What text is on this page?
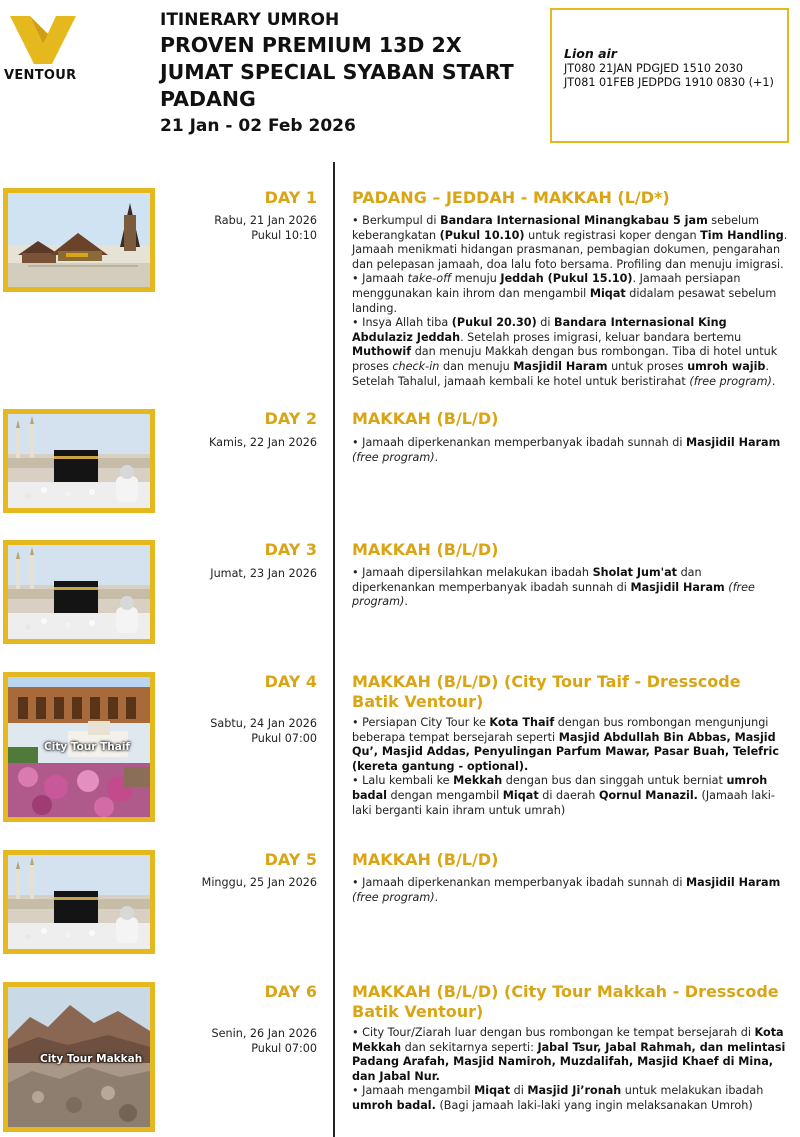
VENTOUR
ITINERARY UMROH
PROVEN PREMIUM 13D 2X
JUMAT SPECIAL SYABAN START
PADANG
21 Jan - 02 Feb 2026
Lion air
JT080 21JAN PDGJED 1510 2030
JT081 01FEB JEDPDG 1910 0830 (+1)
DAY 1
Rabu, 21 Jan 2026
Pukul 10:10
PADANG – JEDDAH - MAKKAH (L/D*)

• Berkumpul di Bandara Internasional Minangkabau 5 jam sebelum keberangkatan (Pukul 10.10) untuk registrasi koper dengan Tim Handling. Jamaah menikmati hidangan prasmanan, pembagian dokumen, pengarahan dan pelepasan jamaah, doa lalu foto bersama. Profiling dan menuju imigrasi.

• Jamaah take-off menuju Jeddah (Pukul 15.10). Jamaah persiapan menggunakan kain ihrom dan mengambil Miqat didalam pesawat sebelum landing.

• Insya Allah tiba (Pukul 20.30) di Bandara Internasional King Abdulaziz Jeddah. Setelah proses imigrasi, keluar bandara bertemu Muthowif dan menuju Makkah dengan bus rombongan. Tiba di hotel untuk proses check-in dan menuju Masjidil Haram untuk proses umroh wajib. Setelah Tahalul, jamaah kembali ke hotel untuk beristirahat (free program).

DAY 2
Kamis, 22 Jan 2026
MAKKAH (B/L/D)

• Jamaah diperkenankan memperbanyak ibadah sunnah di Masjidil Haram (free program).

DAY 3
Jumat, 23 Jan 2026
MAKKAH (B/L/D)

• Jamaah dipersilahkan melakukan ibadah Sholat Jum'at dan diperkenankan memperbanyak ibadah sunnah di Masjidil Haram (free program).

City Tour Thaif
DAY 4
Sabtu, 24 Jan 2026
Pukul 07:00
MAKKAH (B/L/D) (City Tour Taif - Dresscode Batik Ventour)

• Persiapan City Tour ke Kota Thaif dengan bus rombongan mengunjungi beberapa tempat bersejarah seperti Masjid Abdullah Bin Abbas, Masjid Qu’, Masjid Addas, Penyulingan Parfum Mawar, Pasar Buah, Telefric (kereta gantung - optional).

• Lalu kembali ke Mekkah dengan bus dan singgah untuk berniat umroh badal dengan mengambil Miqat di daerah Qornul Manazil. (Jamaah laki-laki berganti kain ihram untuk umrah)

DAY 5
Minggu, 25 Jan 2026
MAKKAH (B/L/D)

• Jamaah diperkenankan memperbanyak ibadah sunnah di Masjidil Haram (free program).

City Tour Makkah
DAY 6
Senin, 26 Jan 2026
Pukul 07:00
MAKKAH (B/L/D) (City Tour Makkah - Dresscode Batik Ventour)

• City Tour/Ziarah luar dengan bus rombongan ke tempat bersejarah di Kota Mekkah dan sekitarnya seperti: Jabal Tsur, Jabal Rahmah, dan melintasi Padang Arafah, Masjid Namiroh, Muzdalifah, Masjid Khaef di Mina, dan Jabal Nur.

• Jamaah mengambil Miqat di Masjid Ji’ronah untuk melakukan ibadah umroh badal. (Bagi jamaah laki-laki yang ingin melaksanakan Umroh)
